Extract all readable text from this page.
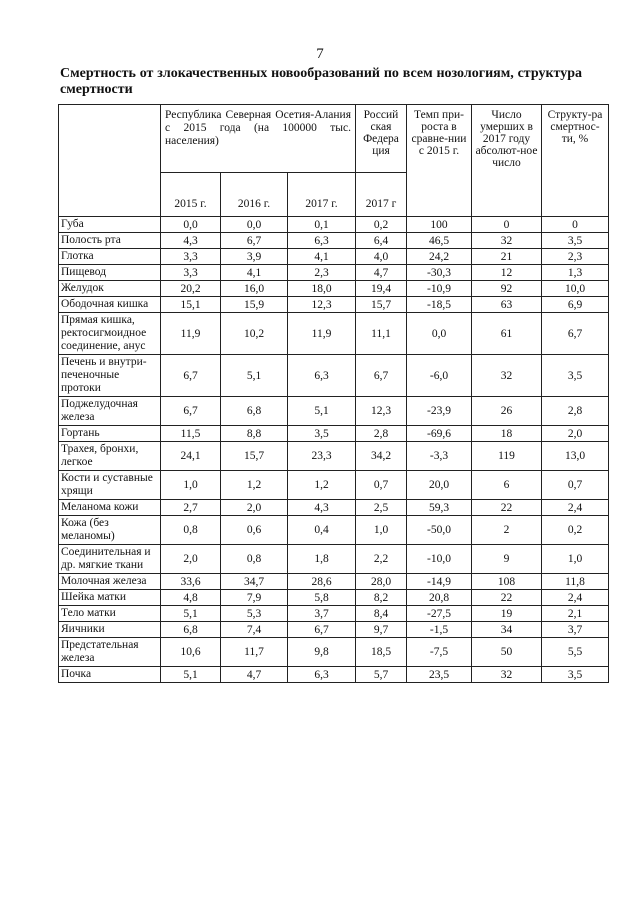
7
Смертность от злокачественных новообразований по всем нозологиям, структура смертности
	Республика Северная Осетия-Алания с 2015 года (на 100000 тыс. населения)			Россий ская Федера ция	Темп при-роста в сравне-нии с 2015 г.	Число умерших в 2017 году абсолют-ное число	Структу-ра смертнос-ти, %
	2015 г.	2016 г.	2017 г.	2017 г			
Губа	0,0	0,0	0,1	0,2	100	0	0
Полость рта	4,3	6,7	6,3	6,4	46,5	32	3,5
Глотка	3,3	3,9	4,1	4,0	24,2	21	2,3
Пищевод	3,3	4,1	2,3	4,7	-30,3	12	1,3
Желудок	20,2	16,0	18,0	19,4	-10,9	92	10,0
Ободочная кишка	15,1	15,9	12,3	15,7	-18,5	63	6,9
Прямая кишка, ректосигмоидное соединение, анус	11,9	10,2	11,9	11,1	0,0	61	6,7
Печень и внутри-печеночные протоки	6,7	5,1	6,3	6,7	-6,0	32	3,5
Поджелудочная железа	6,7	6,8	5,1	12,3	-23,9	26	2,8
Гортань	11,5	8,8	3,5	2,8	-69,6	18	2,0
Трахея, бронхи, легкое	24,1	15,7	23,3	34,2	-3,3	119	13,0
Кости и суставные хрящи	1,0	1,2	1,2	0,7	20,0	6	0,7
Меланома кожи	2,7	2,0	4,3	2,5	59,3	22	2,4
Кожа (без меланомы)	0,8	0,6	0,4	1,0	-50,0	2	0,2
Соединительная и др. мягкие ткани	2,0	0,8	1,8	2,2	-10,0	9	1,0
Молочная железа	33,6	34,7	28,6	28,0	-14,9	108	11,8
Шейка матки	4,8	7,9	5,8	8,2	20,8	22	2,4
Тело матки	5,1	5,3	3,7	8,4	-27,5	19	2,1
Яичники	6,8	7,4	6,7	9,7	-1,5	34	3,7
Предстательная железа	10,6	11,7	9,8	18,5	-7,5	50	5,5
Почка	5,1	4,7	6,3	5,7	23,5	32	3,5
